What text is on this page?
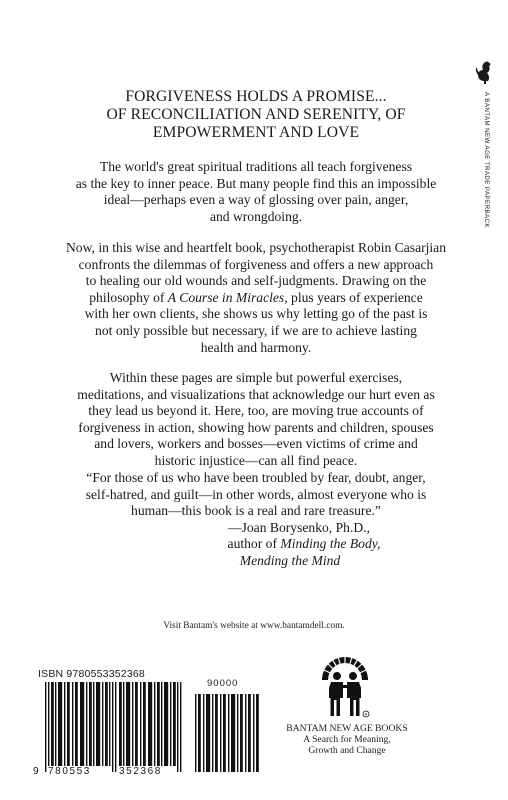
A BANTAM NEW AGE TRADE PAPERBACK
FORGIVENESS HOLDS A PROMISE...
OF RECONCILIATION AND SERENITY, OF
EMPOWERMENT AND LOVE
The world's great spiritual traditions all teach forgiveness
as the key to inner peace. But many people find this an impossible
ideal—perhaps even a way of glossing over pain, anger,
and wrongdoing.
Now, in this wise and heartfelt book, psychotherapist Robin Casarjian
confronts the dilemmas of forgiveness and offers a new approach
to healing our old wounds and self-judgments. Drawing on the
philosophy of A Course in Miracles, plus years of experience
with her own clients, she shows us why letting go of the past is
not only possible but necessary, if we are to achieve lasting
health and harmony.
Within these pages are simple but powerful exercises,
meditations, and visualizations that acknowledge our hurt even as
they lead us beyond it. Here, too, are moving true accounts of
forgiveness in action, showing how parents and children, spouses
and lovers, workers and bosses—even victims of crime and
historic injustice—can all find peace.
“For those of us who have been troubled by fear, doubt, anger,
self-hatred, and guilt—in other words, almost everyone who is
human—this book is a real and rare treasure.”
—Joan Borysenko, Ph.D.,
author of Minding the Body,
Mending the Mind
Visit Bantam's website at www.bantamdell.com.
ISBN 9780553352368
90000
9 780553	352368
R
BANTAM NEW AGE BOOKS
A Search for Meaning,
Growth and Change
